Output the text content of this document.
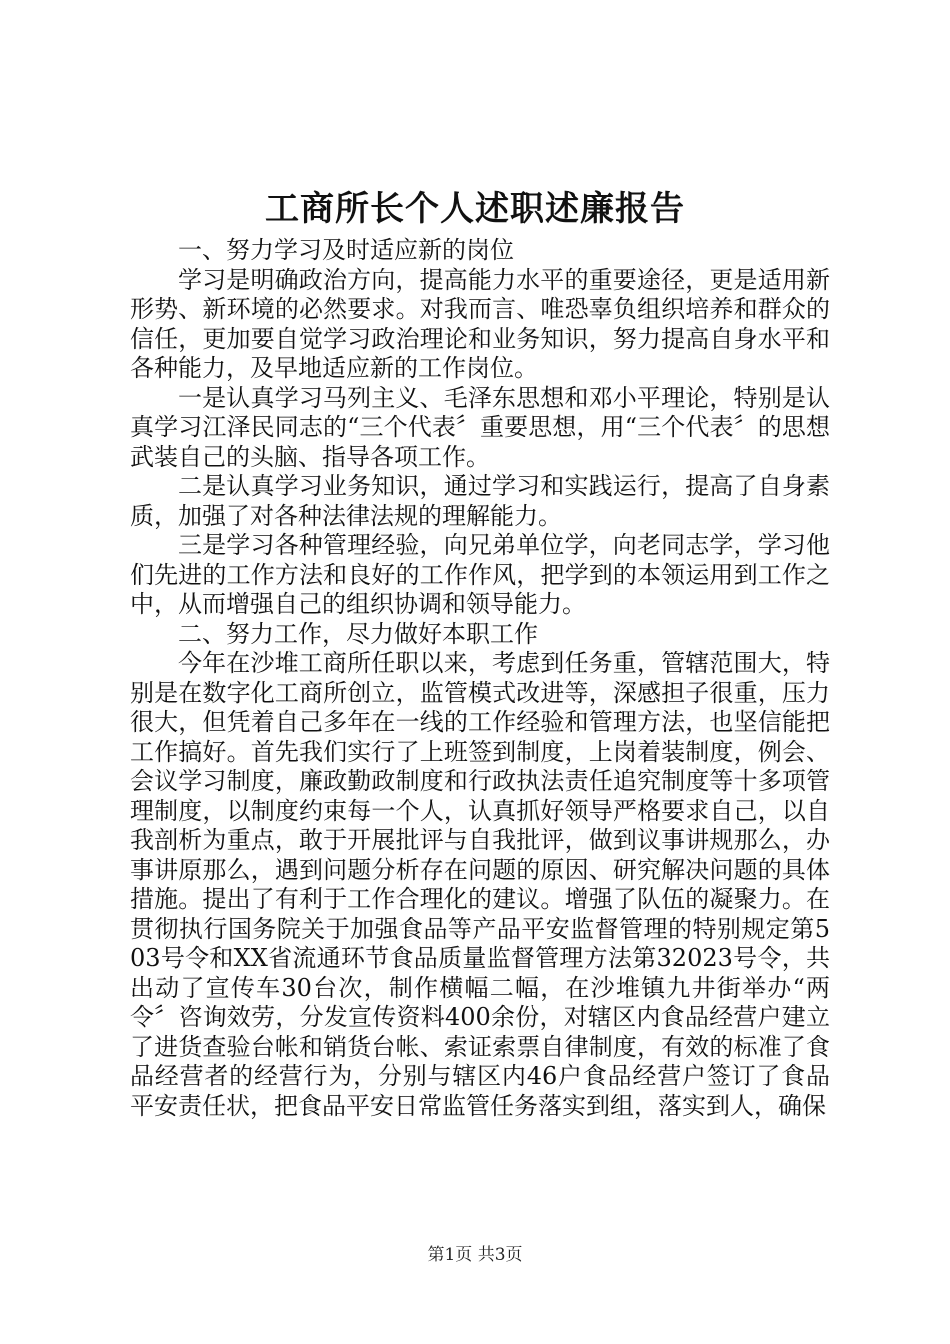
工商所长个人述职述廉报告

一、努力学习及时适应新的岗位

学习是明确政治方向，提高能力水平的重要途径，更是适用新形势、新环境的必然要求。对我而言、唯恐辜负组织培养和群众的信任，更加要自觉学习政治理论和业务知识，努力提高自身水平和各种能力，及早地适应新的工作岗位。

一是认真学习马列主义、毛泽东思想和邓小平理论，特别是认真学习江泽民同志的“三个代表〞重要思想，用“三个代表〞的思想武装自己的头脑、指导各项工作。

二是认真学习业务知识，通过学习和实践运行，提高了自身素质，加强了对各种法律法规的理解能力。

三是学习各种管理经验，向兄弟单位学，向老同志学，学习他们先进的工作方法和良好的工作作风，把学到的本领运用到工作之中，从而增强自己的组织协调和领导能力。

二、努力工作，尽力做好本职工作

今年在沙堆工商所任职以来，考虑到任务重，管辖范围大，特别是在数字化工商所创立，监管模式改进等，深感担子很重，压力很大，但凭着自己多年在一线的工作经验和管理方法，也坚信能把工作搞好。首先我们实行了上班签到制度，上岗着装制度，例会、会议学习制度，廉政勤政制度和行政执法责任追究制度等十多项管理制度，以制度约束每一个人，认真抓好领导严格要求自己，以自我剖析为重点，敢于开展批评与自我批评，做到议事讲规那么，办事讲原那么，遇到问题分析存在问题的原因、研究解决问题的具体措施。提出了有利于工作合理化的建议。增强了队伍的凝聚力。在贯彻执行国务院关于加强食品等产品平安监督管理的特别规定第503号令和XX省流通环节食品质量监督管理方法第32023号令，共出动了宣传车30台次，制作横幅二幅，在沙堆镇九井街举办“两令〞咨询效劳，分发宣传资料400余份，对辖区内食品经营户建立了进货查验台帐和销货台帐、索证索票自律制度，有效的标准了食品经营者的经营行为，分别与辖区内46户食品经营户签订了食品平安责任状，把食品平安日常监管任务落实到组，落实到人，确保

第1页 共3页
